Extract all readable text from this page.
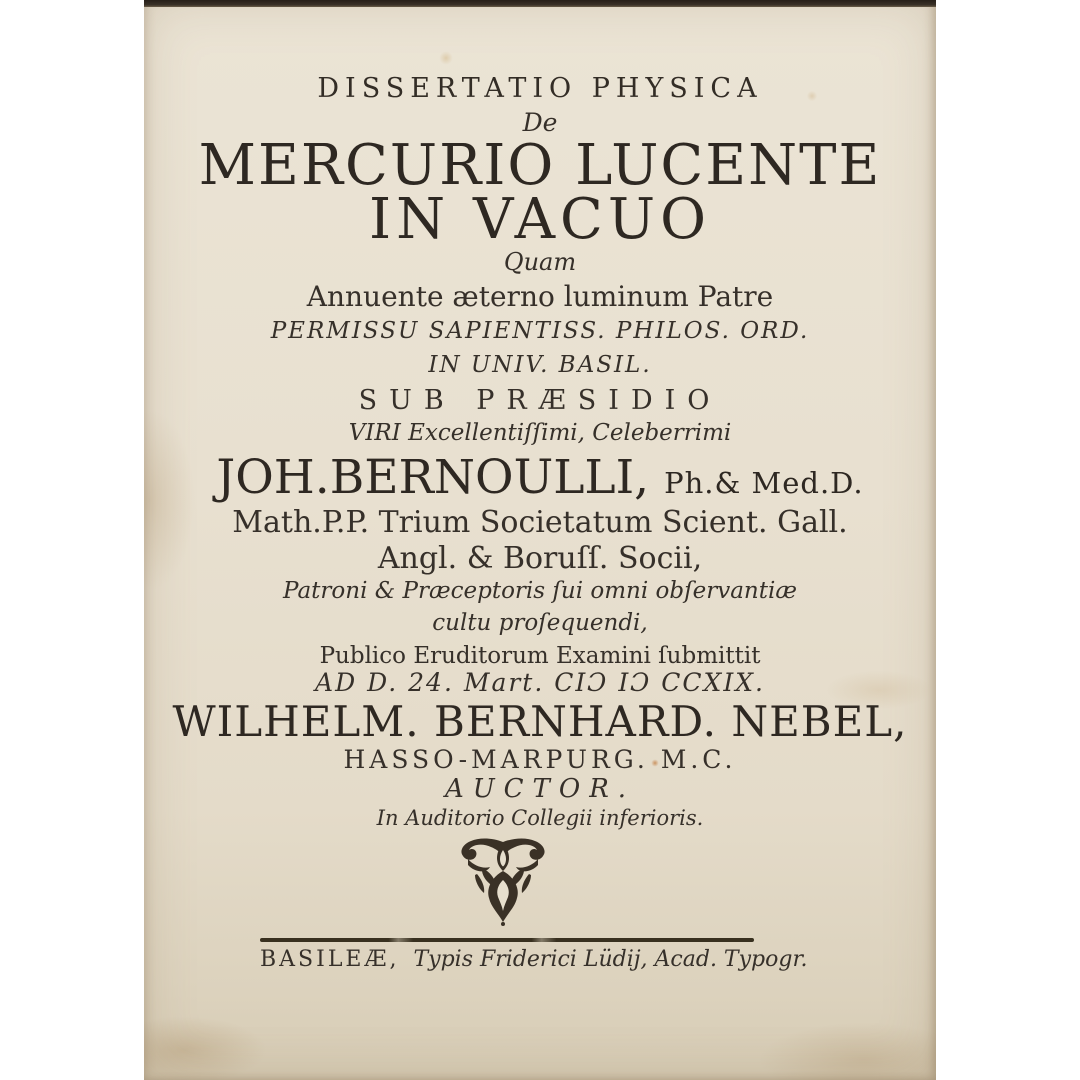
DISSERTATIO PHYSICA
De
MERCURIO LUCENTE
IN VACUO
Quam
Annuente æterno luminum Patre
PERMISSU SAPIENTISS. PHILOS. ORD.
IN UNIV. BASIL.
SUB PRÆSIDIO
VIRI Excellentiſſimi, Celeberrimi
JOH.BERNOULLI, Ph.& Med.D.
Math.P.P. Trium Societatum Scient. Gall.
Angl. & Boruſſ. Socii,
Patroni & Præceptoris ſui omni obſervantiæ
cultu proſequendi,
Publico Eruditorum Examini ſubmittit
AD D. 24. Mart. CIƆ IƆ CCXIX.
WILHELM. BERNHARD. NEBEL,
HASSO-MARPURG. M.C.
AUCTOR.
In Auditorio Collegii inferioris.
BASILEÆ, Typis Friderici Lüdij, Acad. Typogr.
